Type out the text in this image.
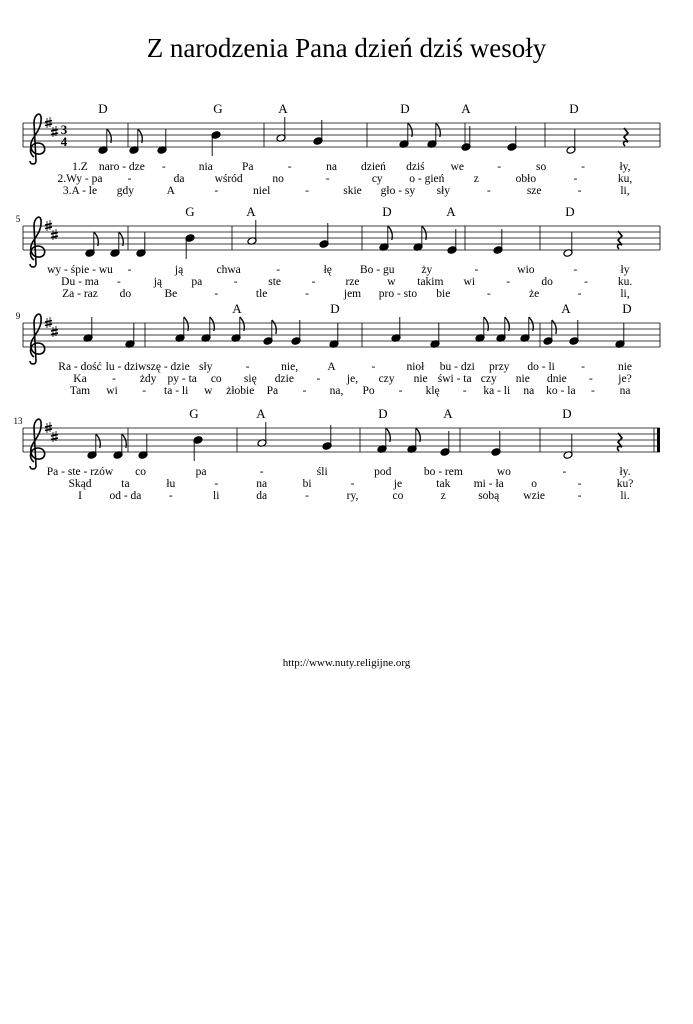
Z narodzenia Pana dzień dziś wesoły
3
4
D	G	A	D	A	D
1.Z naro - dze -	nia	Pa	-	na dzień dziś we	-	so	-	ły,
2.Wy - pa -	da	wśród	no	-	cy o - gień	z	obło	-	ku,
3.A - le gdy	A	-	niel	-	skie gło - sy sły	-	sze	-	li,
5	G	A	D	A	D
wy - śpie - wu -	ją	chwa	-	łę Bo - gu ży	-	wio	-	ły
Du - ma -	ją	pa	-	ste	-	rze w takim wi	-	do	-	ku.
Za - raz do	Be	-	tle	-	jem pro - sto bie	-	że	-	li,
9	A	D	A	D
Ra - dość lu - dzi wszę - dzie sły	-	nie,	A	-	nioł bu - dzi przy do - li -	nie
Ka - żdy py - ta co się dzie - je, czy nie świ - ta czy nie dnie - je?
Tam wi - ta - li w żłobie Pa - na, Po - klę - ka - li na ko - la - na
13	G	A	D	A	D
Pa - ste - rzów co	pa	-	śli	pod	bo - rem	wo	-	ły.
Skąd	ta	łu	-	na	bi	-	je	tak mi - ła o	-	ku?
I od - da -	li	da	-	ry,	co	z	sobą wzie	-	li.
http://www.nuty.religijne.org
